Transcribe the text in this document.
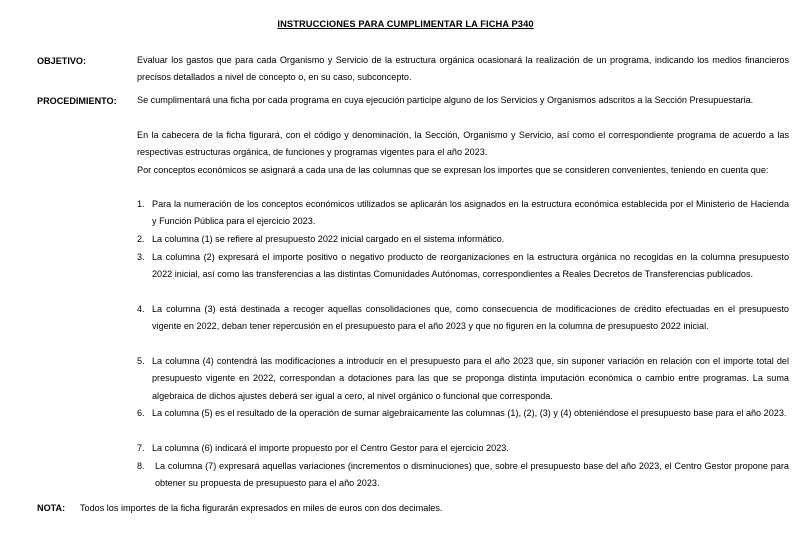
INSTRUCCIONES PARA CUMPLIMENTAR LA FICHA P340
OBJETIVO:	Evaluar los gastos que para cada Organismo y Servicio de la estructura orgánica ocasionará la realización de un programa, indicando los medios financieros precisos detallados a nivel de concepto o, en su caso, subconcepto.
PROCEDIMIENTO: Se cumplimentará una ficha por cada programa en cuya ejecución participe alguno de los Servicios y Organismos adscritos a la Sección Presupuestaria.
En la cabecera de la ficha figurará, con el código y denominación, la Sección, Organismo y Servicio, así como el correspondiente programa de acuerdo a las respectivas estructuras orgánica, de funciones y programas vigentes para el año 2023.
Por conceptos económicos se asignará a cada una de las columnas que se expresan los importes que se consideren convenientes, teniendo en cuenta que:
1. Para la numeración de los conceptos económicos utilizados se aplicarán los asignados en la estructura económica establecida por el Ministerio de Hacienda y Función Pública para el ejercicio 2023.
2. La columna (1) se refiere al presupuesto 2022 inicial cargado en el sistema informático.
3. La columna (2) expresará el importe positivo o negativo producto de reorganizaciones en la estructura orgánica no recogidas en la columna presupuesto 2022 inicial, así como las transferencias a las distintas Comunidades Autónomas, correspondientes a Reales Decretos de Transferencias publicados.
4. La columna (3) está destinada a recoger aquellas consolidaciones que, como consecuencia de modificaciones de crédito efectuadas en el presupuesto vigente en 2022, deban tener repercusión en el presupuesto para el año 2023 y que no figuren en la columna de presupuesto 2022 inicial.
5. La columna (4) contendrá las modificaciones a introducir en el presupuesto para el año 2023 que, sin suponer variación en relación con el importe total del presupuesto vigente en 2022, correspondan a dotaciones para las que se proponga distinta imputación económica o cambio entre programas. La suma algebraica de dichos ajustes deberá ser igual a cero, al nivel orgánico o funcional que corresponda.
6. La columna (5) es el resultado de la operación de sumar algebraicamente las columnas (1), (2), (3) y (4) obteniéndose el presupuesto base para el año 2023.
7. La columna (6) indicará el importe propuesto por el Centro Gestor para el ejercicio 2023.
8.	La columna (7) expresará aquellas variaciones (incrementos o disminuciones) que, sobre el presupuesto base del año 2023, el Centro Gestor propone para obtener su propuesta de presupuesto para el año 2023.
NOTA: Todos los importes de la ficha figurarán expresados en miles de euros con dos decimales.
